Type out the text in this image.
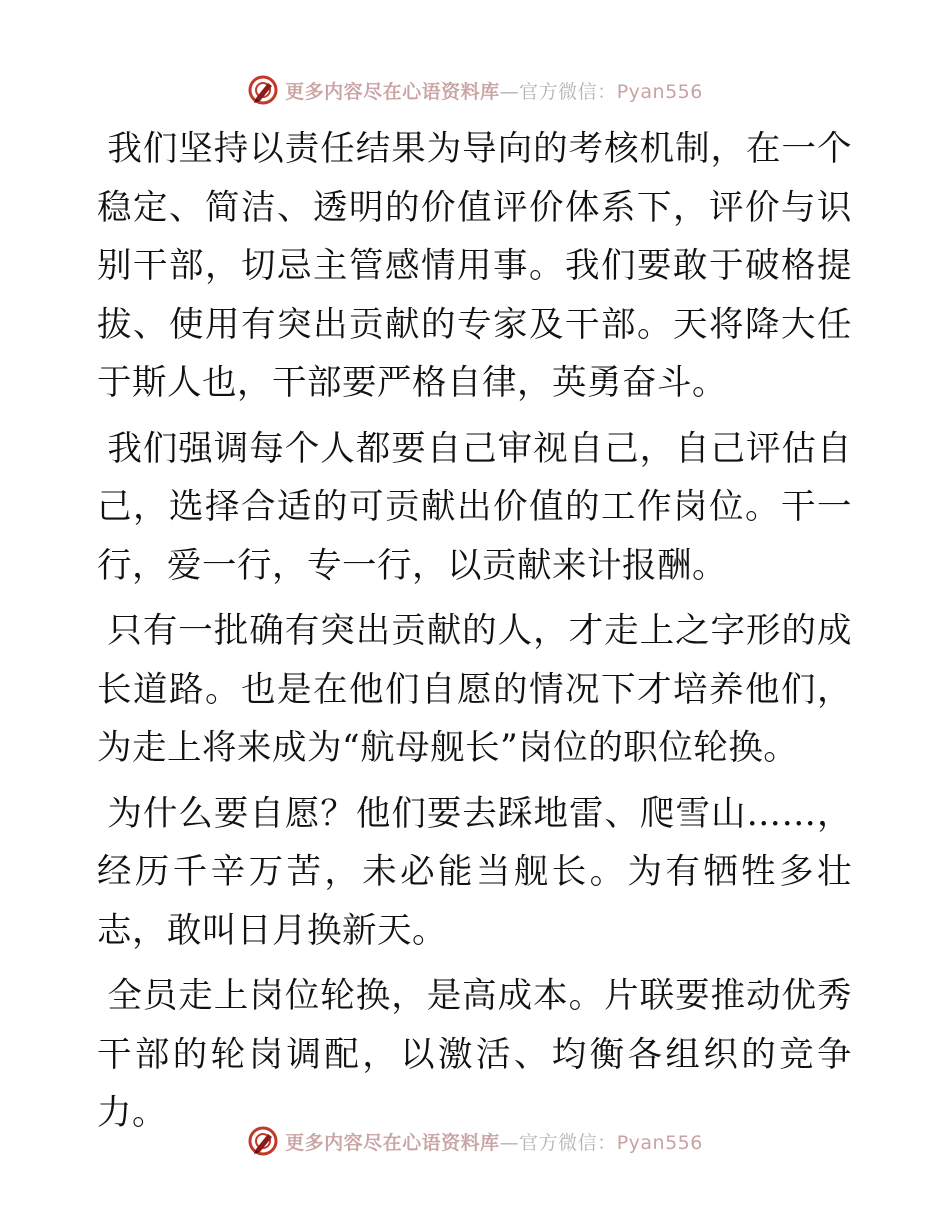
更多内容尽在心语资料库—官方微信：Pyan556

我们坚持以责任结果为导向的考核机制，在一个稳定、简洁、透明的价值评价体系下，评价与识别干部，切忌主管感情用事。我们要敢于破格提拔、使用有突出贡献的专家及干部。天将降大任于斯人也，干部要严格自律，英勇奋斗。

我们强调每个人都要自己审视自己，自己评估自己，选择合适的可贡献出价值的工作岗位。干一行，爱一行，专一行，以贡献来计报酬。

只有一批确有突出贡献的人，才走上之字形的成长道路。也是在他们自愿的情况下才培养他们，为走上将来成为“航母舰长”岗位的职位轮换。

为什么要自愿？他们要去踩地雷、爬雪山……，经历千辛万苦，未必能当舰长。为有牺牲多壮志，敢叫日月换新天。

全员走上岗位轮换，是高成本。片联要推动优秀干部的轮岗调配，以激活、均衡各组织的竞争力。

更多内容尽在心语资料库—官方微信：Pyan556
